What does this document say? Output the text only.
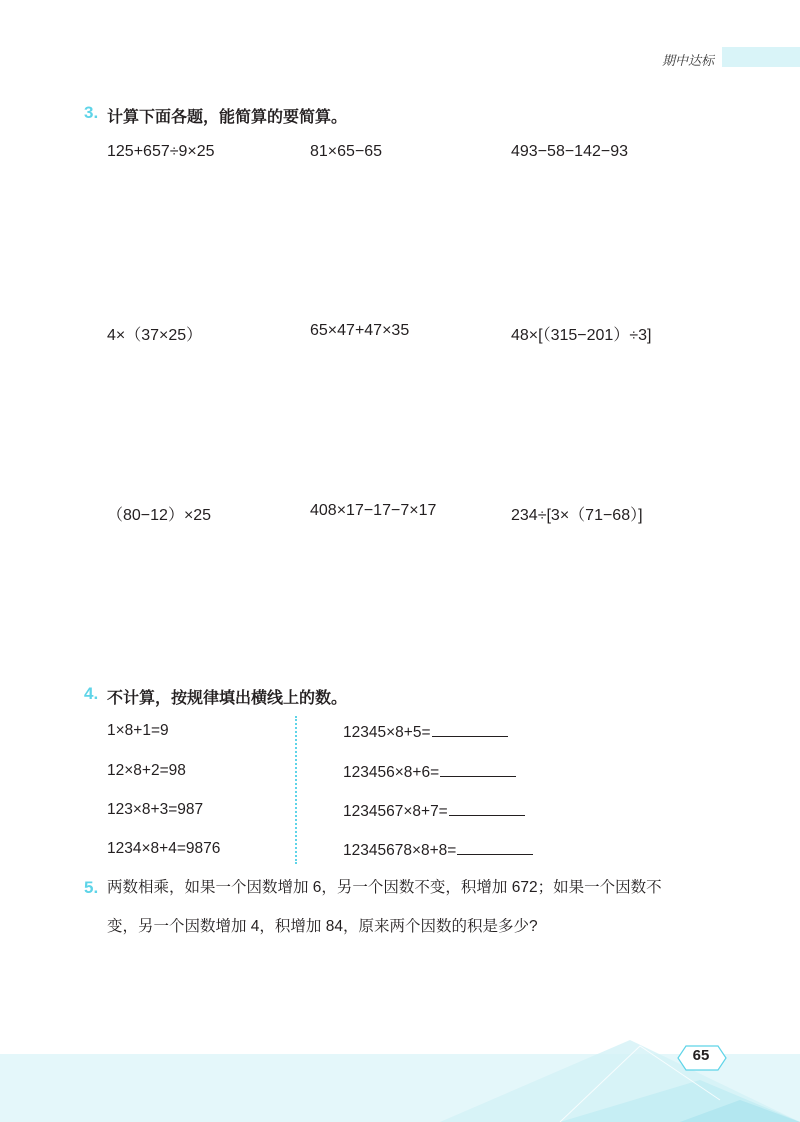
期中达标
3. 计算下面各题，能简算的要简算。
125+657÷9×25	81×65−65	493−58−142−93
4×（37×25）	65×47+47×35	48×[（315−201）÷3]
（80−12）×25	408×17−17−7×17	234÷[3×（71−68）]
4. 不计算，按规律填出横线上的数。
1×8+1=9
12×8+2=98
123×8+3=987
1234×8+4=9876
12345×8+5=
123456×8+6=
1234567×8+7=
12345678×8+8=
5. 两数相乘，如果一个因数增加 6，另一个因数不变，积增加 672；如果一个因数不
变，另一个因数增加 4，积增加 84，原来两个因数的积是多少?
65
